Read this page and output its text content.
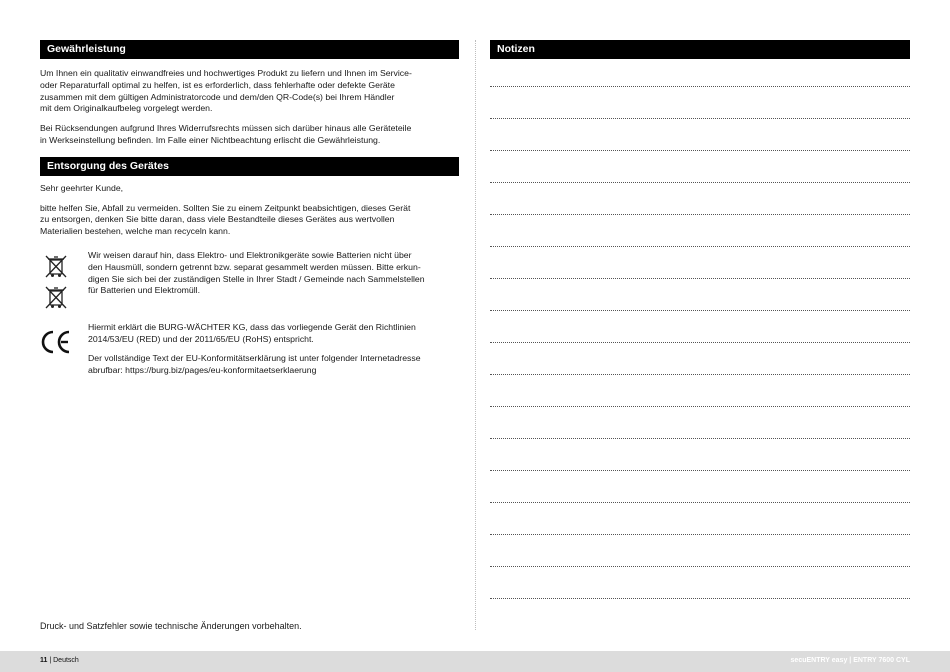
Gewährleistung

Um Ihnen ein qualitativ einwandfreies und hochwertiges Produkt zu liefern und Ihnen im Service-

oder Reparaturfall optimal zu helfen, ist es erforderlich, dass fehlerhafte oder defekte Geräte

zusammen mit dem gültigen Administratorcode und dem/den QR-Code(s) bei Ihrem Händler

mit dem Originalkaufbeleg vorgelegt werden.

Bei Rücksendungen aufgrund Ihres Widerrufsrechts müssen sich darüber hinaus alle Geräteteile

in Werkseinstellung befinden. Im Falle einer Nichtbeachtung erlischt die Gewährleistung.

Entsorgung des Gerätes

Sehr geehrter Kunde,

bitte helfen Sie, Abfall zu vermeiden. Sollten Sie zu einem Zeitpunkt beabsichtigen, dieses Gerät

zu entsorgen, denken Sie bitte daran, dass viele Bestandteile dieses Gerätes aus wertvollen

Materialien bestehen, welche man recyceln kann.

Wir weisen darauf hin, dass Elektro- und Elektronikgeräte sowie Batterien nicht über

den Hausmüll, sondern getrennt bzw. separat gesammelt werden müssen. Bitte erkun-

digen Sie sich bei der zuständigen Stelle in Ihrer Stadt / Gemeinde nach Sammelstellen

für Batterien und Elektromüll.

Hiermit erklärt die BURG-WÄCHTER KG, dass das vorliegende Gerät den Richtlinien

2014/53/EU (RED) und der 2011/65/EU (RoHS) entspricht.

Der vollständige Text der EU-Konformitätserklärung ist unter folgender Internetadresse

abrufbar: https://burg.biz/pages/eu-konformitaetserklaerung

Druck- und Satzfehler sowie technische Änderungen vorbehalten.
Notizen
11 | Deutsch	secuENTRY easy | ENTRY 7600 CYL
